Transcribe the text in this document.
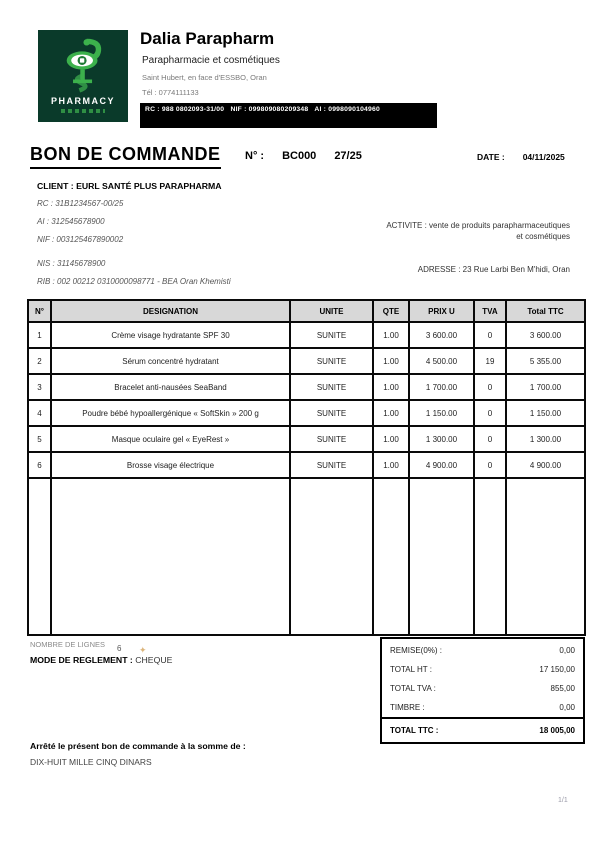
PHARMACY
Dalia Parapharm
Parapharmacie et cosmétiques
Saint Hubert, en face d'ESSBO, Oran
Tél : 0774111133
RC : 988 0802093-31/00   NIF : 099809080209348   AI : 0998090104960

NIS : 09059217210   RIB : 1400007426-66
BON DE COMMANDE N° : BC000 27/25	DATE : 04/11/2025
CLIENT : EURL SANTÉ PLUS PARAPHARMA
RC : 31B1234567-00/25
AI : 312545678900
NIF : 003125467890002
NIS : 31145678900
RIB : 002 00212 0310000098771 - BEA Oran Khemisti
ACTIVITE : vente de produits parapharmaceutiques
et cosmétiques
ADRESSE : 23 Rue Larbi Ben M'hidi, Oran
N°	DESIGNATION	UNITE	QTE	PRIX U	TVA	Total TTC
1	Crème visage hydratante SPF 30	SUNITE	1.00	3 600.00	0	3 600.00
2	Sérum concentré hydratant	SUNITE	1.00	4 500.00	19	5 355.00
3	Bracelet anti-nausées SeaBand	SUNITE	1.00	1 700.00	0	1 700.00
4	Poudre bébé hypoallergénique « SoftSkin » 200 g	SUNITE	1.00	1 150.00	0	1 150.00
5	Masque oculaire gel « EyeRest »	SUNITE	1.00	1 300.00	0	1 300.00
6	Brosse visage électrique	SUNITE	1.00	4 900.00	0	4 900.00

NOMBRE DE LIGNES 6
MODE DE REGLEMENT : CHEQUE
✦	REMISE(0%) :	0,00
TOTAL HT :	17 150,00
TOTAL TVA :	855,00
TIMBRE :	0,00
TOTAL TTC :	18 005,00
Arrêté le présent bon de commande à la somme de :
DIX-HUIT MILLE CINQ DINARS
1/1
